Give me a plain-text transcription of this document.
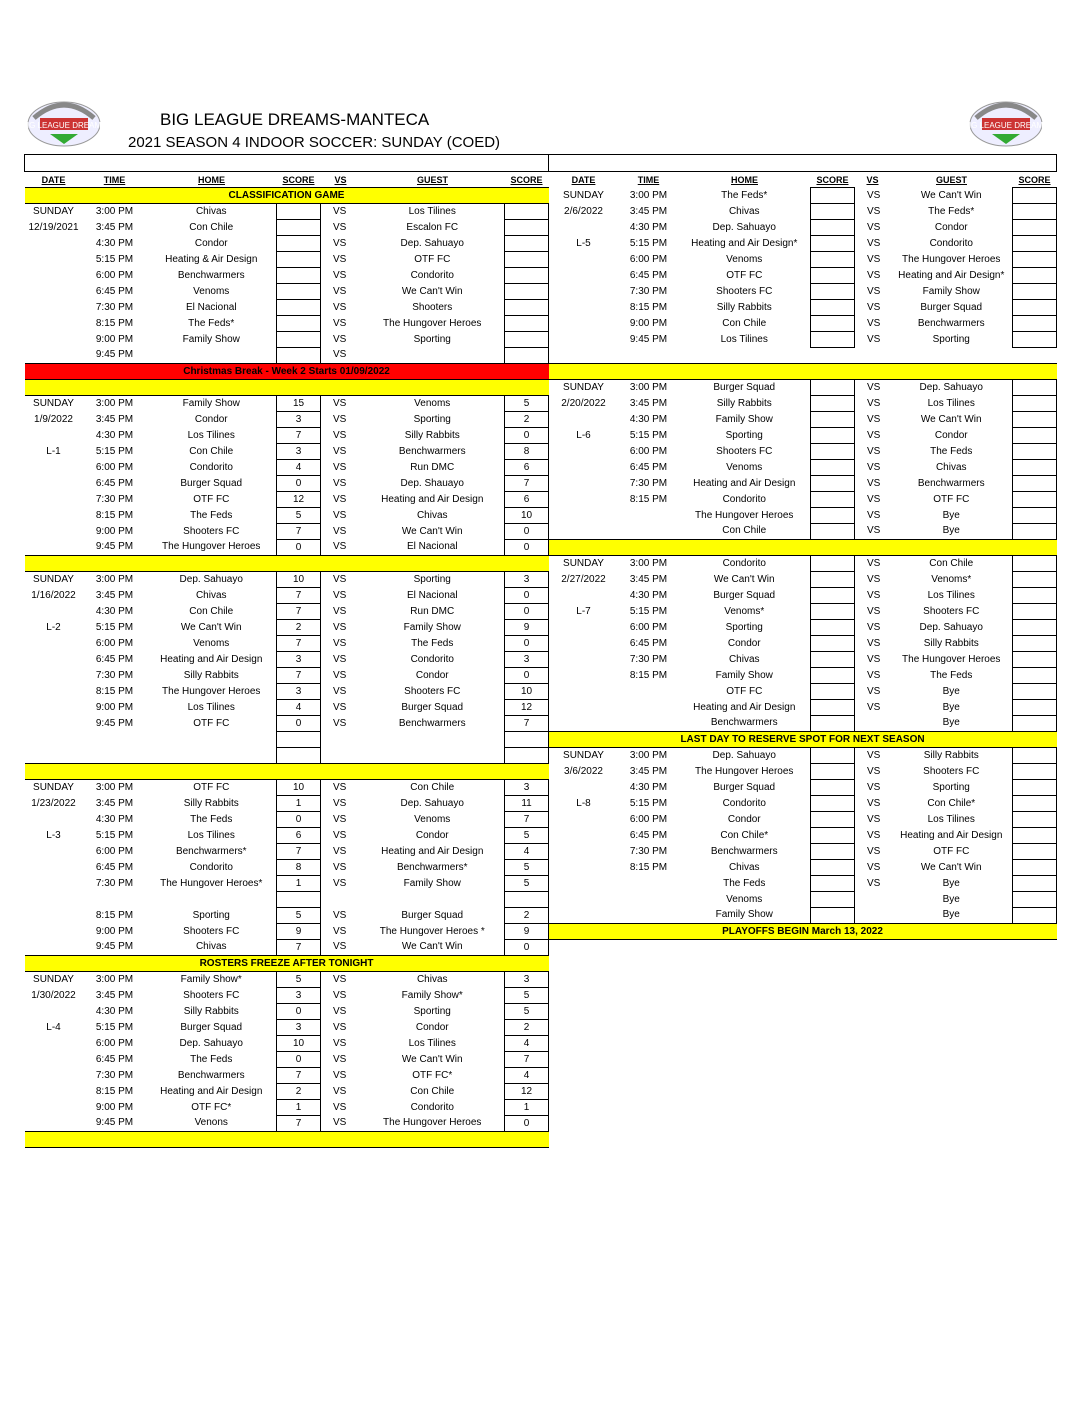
BIG LEAGUE DREAMS	BIG LEAGUE DREAMS
BIG LEAGUE DREAMS-MANTECA
2021 SEASON 4 INDOOR SOCCER: SUNDAY (COED)

DATE	TIME	HOME	SCORE	VS	GUEST	SCORE
CLASSIFICATION GAME						
SUNDAY	3:00 PM	Chivas		VS	Los Tilines	
12/19/2021	3:45 PM	Con Chile		VS	Escalon FC	
	4:30 PM	Condor		VS	Dep. Sahuayo	
	5:15 PM	Heating & Air Design		VS	OTF FC	
	6:00 PM	Benchwarmers		VS	Condorito	
	6:45 PM	Venoms		VS	We Can't Win	
	7:30 PM	El Nacional		VS	Shooters	
	8:15 PM	The Feds*		VS	The Hungover Heroes	
	9:00 PM	Family Show		VS	Sporting	
	9:45 PM			VS		
Christmas Break - Week 2 Starts 01/09/2022						

SUNDAY	3:00 PM	Family Show	15	VS	Venoms	5
1/9/2022	3:45 PM	Condor	3	VS	Sporting	2
	4:30 PM	Los Tilines	7	VS	Silly Rabbits	0
L-1	5:15 PM	Con Chile	3	VS	Benchwarmers	8
	6:00 PM	Condorito	4	VS	Run DMC	6
	6:45 PM	Burger Squad	0	VS	Dep. Shauayo	7
	7:30 PM	OTF FC	12	VS	Heating and Air Design	6
	8:15 PM	The Feds	5	VS	Chivas	10
	9:00 PM	Shooters FC	7	VS	We Can't Win	0
	9:45 PM	The Hungover Heroes	0	VS	El Nacional	0

SUNDAY	3:00 PM	Dep. Sahuayo	10	VS	Sporting	3
1/16/2022	3:45 PM	Chivas	7	VS	El Nacional	0
	4:30 PM	Con Chile	7	VS	Run DMC	0
L-2	5:15 PM	We Can't Win	2	VS	Family Show	9
	6:00 PM	Venoms	7	VS	The Feds	0
	6:45 PM	Heating and Air Design	3	VS	Condorito	3
	7:30 PM	Silly Rabbits	7	VS	Condor	0
	8:15 PM	The Hungover Heroes	3	VS	Shooters FC	10
	9:00 PM	Los Tilines	4	VS	Burger Squad	12
	9:45 PM	OTF FC	0	VS	Benchwarmers	7

SUNDAY	3:00 PM	OTF FC	10	VS	Con Chile	3
1/23/2022	3:45 PM	Silly Rabbits	1	VS	Dep. Sahuayo	11
	4:30 PM	The Feds	0	VS	Venoms	7
L-3	5:15 PM	Los Tilines	6	VS	Condor	5
	6:00 PM	Benchwarmers*	7	VS	Heating and Air Design	4
	6:45 PM	Condorito	8	VS	Benchwarmers*	5
	7:30 PM	The Hungover Heroes*	1	VS	Family Show	5

	8:15 PM	Sporting	5	VS	Burger Squad	2
	9:00 PM	Shooters FC	9	VS	The Hungover Heroes *	9
	9:45 PM	Chivas	7	VS	We Can't Win	0
ROSTERS FREEZE AFTER TONIGHT						
SUNDAY	3:00 PM	Family Show*	5	VS	Chivas	3
1/30/2022	3:45 PM	Shooters FC	3	VS	Family Show*	5
	4:30 PM	Silly Rabbits	0	VS	Sporting	5
L-4	5:15 PM	Burger Squad	3	VS	Condor	2
	6:00 PM	Dep. Sahuayo	10	VS	Los Tilines	4
	6:45 PM	The Feds	0	VS	We Can't Win	7
	7:30 PM	Benchwarmers	7	VS	OTF FC*	4
	8:15 PM	Heating and Air Design	2	VS	Con Chile	12
	9:00 PM	OTF FC*	1	VS	Condorito	1
	9:45 PM	Venons	7	VS	The Hungover Heroes	0

DATE	TIME	HOME	SCORE	VS	GUEST	SCORE
SUNDAY	3:00 PM	The Feds*		VS	We Can't Win	
2/6/2022	3:45 PM	Chivas		VS	The Feds*	
	4:30 PM	Dep. Sahuayo		VS	Condor	
L-5	5:15 PM	Heating and Air Design*		VS	Condorito	
	6:00 PM	Venoms		VS	The Hungover Heroes	
	6:45 PM	OTF FC		VS	Heating and Air Design*	
	7:30 PM	Shooters FC		VS	Family Show	
	8:15 PM	Silly Rabbits		VS	Burger Squad	
	9:00 PM	Con Chile		VS	Benchwarmers	
	9:45 PM	Los Tilines		VS	Sporting	

SUNDAY	3:00 PM	Burger Squad		VS	Dep. Sahuayo	
2/20/2022	3:45 PM	Silly Rabbits		VS	Los Tilines	
	4:30 PM	Family Show		VS	We Can't Win	
L-6	5:15 PM	Sporting		VS	Condor	
	6:00 PM	Shooters FC		VS	The Feds	
	6:45 PM	Venoms		VS	Chivas	
	7:30 PM	Heating and Air Design		VS	Benchwarmers	
	8:15 PM	Condorito		VS	OTF FC	
		The Hungover Heroes		VS	Bye	
		Con Chile		VS	Bye	

SUNDAY	3:00 PM	Condorito		VS	Con Chile	
2/27/2022	3:45 PM	We Can't Win		VS	Venoms*	
	4:30 PM	Burger Squad		VS	Los Tilines	
L-7	5:15 PM	Venoms*		VS	Shooters FC	
	6:00 PM	Sporting		VS	Dep. Sahuayo	
	6:45 PM	Condor		VS	Silly Rabbits	
	7:30 PM	Chivas		VS	The Hungover Heroes	
	8:15 PM	Family Show		VS	The Feds	
		OTF FC		VS	Bye	
		Heating and Air Design		VS	Bye	
		Benchwarmers			Bye	
LAST DAY TO RESERVE SPOT FOR NEXT SEASON						
SUNDAY	3:00 PM	Dep. Sahuayo		VS	Silly Rabbits	
3/6/2022	3:45 PM	The Hungover Heroes		VS	Shooters FC	
	4:30 PM	Burger Squad		VS	Sporting	
L-8	5:15 PM	Condorito		VS	Con Chile*	
	6:00 PM	Condor		VS	Los Tilines	
	6:45 PM	Con Chile*		VS	Heating and Air Design	
	7:30 PM	Benchwarmers		VS	OTF FC	
	8:15 PM	Chivas		VS	We Can't Win	
		The Feds		VS	Bye	
		Venoms			Bye	
		Family Show			Bye	
PLAYOFFS BEGIN March 13, 2022						
